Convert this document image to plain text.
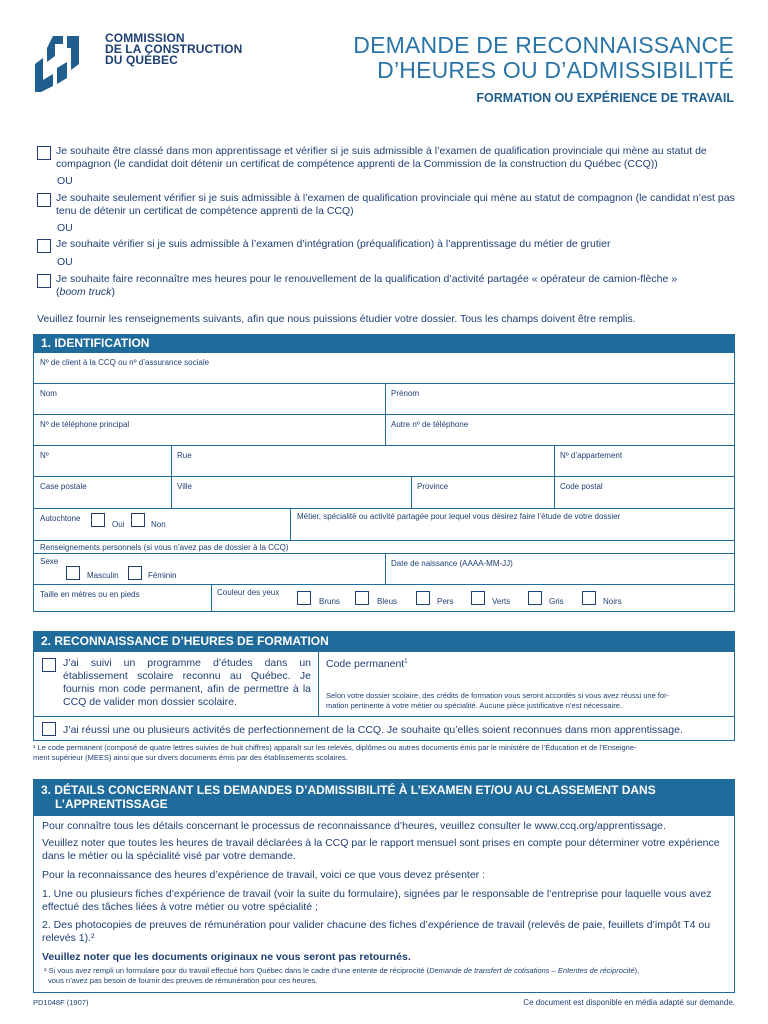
COMMISSION
DE LA CONSTRUCTION
DU QUÉBEC
DEMANDE DE RECONNAISSANCE
D’HEURES OU D’ADMISSIBILITÉ
FORMATION OU EXPÉRIENCE DE TRAVAIL
Je souhaite être classé dans mon apprentissage et vérifier si je suis admissible à l’examen de qualification provinciale qui mène au statut de compagnon (le candidat doit détenir un certificat de compétence apprenti de la Commission de la construction du Québec (CCQ))
OU
Je souhaite seulement vérifier si je suis admissible à l’examen de qualification provinciale qui mène au statut de compagnon (le candidat n’est pas tenu de détenir un certificat de compétence apprenti de la CCQ)
OU
Je souhaite vérifier si je suis admissible à l’examen d’intégration (préqualification) à l’apprentissage du métier de grutier
OU
Je souhaite faire reconnaître mes heures pour le renouvellement de la qualification d’activité partagée « opérateur de camion-flèche »
(boom truck)
Veuillez fournir les renseignements suivants, afin que nous puissions étudier votre dossier. Tous les champs doivent être remplis.
1. IDENTIFICATION
Nº de client à la CCQ ou nº d’assurance sociale
Nom	Prénom
Nº de téléphone principal	Autre nº de téléphone
Nº	Rue	Nº d’appartement
Case postale	Ville	Province	Code postal
Autochtone
Oui	Non
Métier, spécialité ou activité partagée pour lequel vous désirez faire l’étude de votre dossier
Renseignements personnels (si vous n’avez pas de dossier à la CCQ)
Sexe
Masculin	Féminin
Date de naissance (AAAA-MM-JJ)
Taille en mètres ou en pieds	Couleur des yeux
Bruns	Bleus	Pers	Verts	Gris	Noirs
2. RECONNAISSANCE D’HEURES DE FORMATION
J’ai suivi un programme d’études dans un établissement scolaire reconnu au Québec. Je fournis mon code permanent, afin de permettre à la CCQ de valider mon dossier scolaire.
Code permanent$^1$
Selon votre dossier scolaire, des crédits de formation vous seront accordés si vous avez réussi une for-
mation pertinente à votre métier ou spécialité. Aucune pièce justificative n’est nécessaire.
J’ai réussi une ou plusieurs activités de perfectionnement de la CCQ. Je souhaite qu’elles soient reconnues dans mon apprentissage.
¹ Le code permanent (composé de quatre lettres suivies de huit chiffres) apparaît sur les relevés, diplômes ou autres documents émis par le ministère de l’Éducation et de l’Enseigne-
ment supérieur (MEES) ainsi que sur divers documents émis par des établissements scolaires.
3. DÉTAILS CONCERNANT LES DEMANDES D’ADMISSIBILITÉ À L’EXAMEN ET/OU AU CLASSEMENT DANS
L’APPRENTISSAGE
Pour connaître tous les détails concernant le processus de reconnaissance d’heures, veuillez consulter le www.ccq.org/apprentissage.
Veuillez noter que toutes les heures de travail déclarées à la CCQ par le rapport mensuel sont prises en compte pour déterminer votre expérience dans le métier ou la spécialité visé par votre demande.
Pour la reconnaissance des heures d’expérience de travail, voici ce que vous devez présenter :
1. Une ou plusieurs fiches d’expérience de travail (voir la suite du formulaire), signées par le responsable de l’entreprise pour laquelle vous avez effectué des tâches liées à votre métier ou votre spécialité ;
2. Des photocopies de preuves de rémunération pour valider chacune des fiches d’expérience de travail (relevés de paie, feuillets d’impôt T4 ou relevés 1).²
Veuillez noter que les documents originaux ne vous seront pas retournés.
² Si vous avez rempli un formulaire pour du travail effectué hors Québec dans le cadre d’une entente de réciprocité (Demande de transfert de cotisations – Ententes de réciprocité),
vous n’avez pas besoin de fournir des preuves de rémunération pour ces heures.
PD1048F (1907)	Ce document est disponible en média adapté sur demande.
